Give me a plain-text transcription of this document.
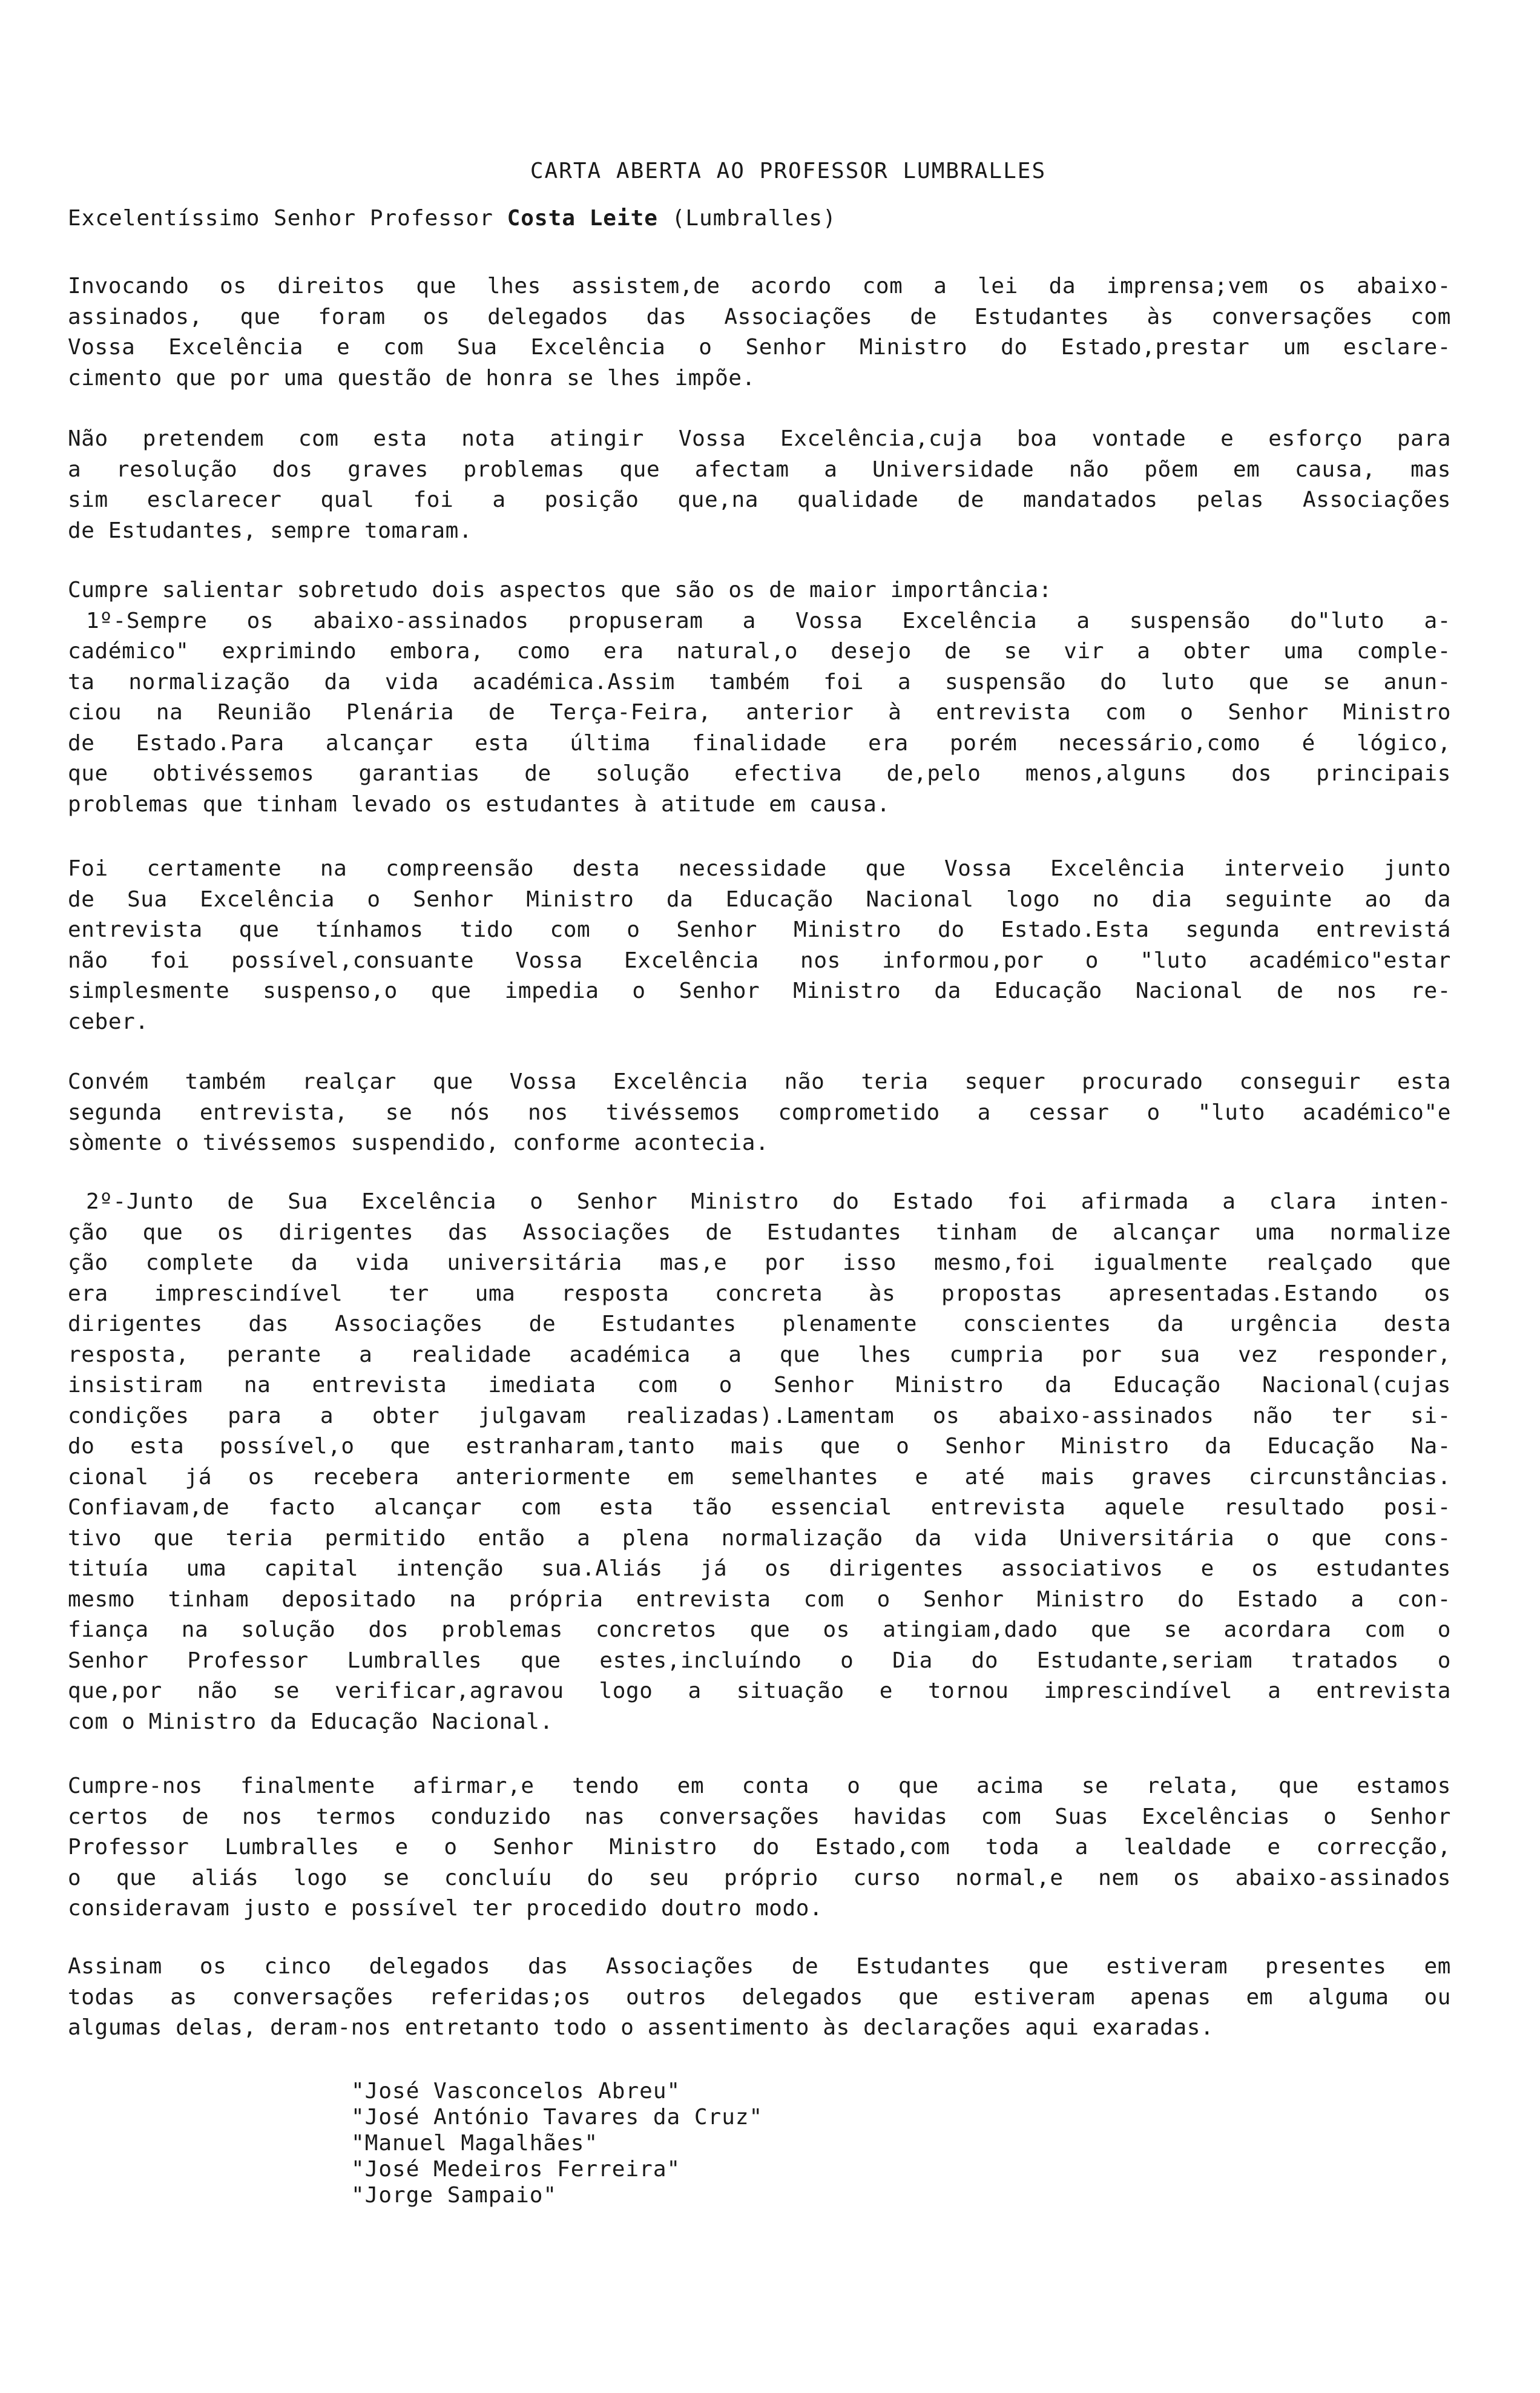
CARTA ABERTA AO PROFESSOR LUMBRALLES
Excelentíssimo Senhor Professor Costa Leite (Lumbralles)
Invocando os direitos que lhes assistem,de acordo com a lei da imprensa;vem os abaixo-
assinados, que foram os delegados das Associações de Estudantes às conversações com
Vossa Excelência e com Sua Excelência o Senhor Ministro do Estado,prestar um esclare-
cimento que por uma questão de honra se lhes impõe.
Não pretendem com esta nota atingir Vossa Excelência,cuja boa vontade e esforço para
a resolução dos graves problemas que afectam a Universidade não põem em causa, mas
sim esclarecer qual foi a posição que,na qualidade de mandatados pelas Associações
de Estudantes, sempre tomaram.
Cumpre salientar sobretudo dois aspectos que são os de maior importância:
1º-Sempre os abaixo-assinados propuseram a Vossa Excelência a suspensão do"luto a-
cadémico" exprimindo embora, como era natural,o desejo de se vir a obter uma comple-
ta normalização da vida académica.Assim também foi a suspensão do luto que se anun-
ciou na Reunião Plenária de Terça-Feira, anterior à entrevista com o Senhor Ministro
de Estado.Para alcançar esta última finalidade era porém necessário,como é lógico,
que obtivéssemos garantias de solução efectiva de,pelo menos,alguns dos principais
problemas que tinham levado os estudantes à atitude em causa.
Foi certamente na compreensão desta necessidade que Vossa Excelência interveio junto
de Sua Excelência o Senhor Ministro da Educação Nacional logo no dia seguinte ao da
entrevista que tínhamos tido com o Senhor Ministro do Estado.Esta segunda entrevistá
não foi possível,consuante Vossa Excelência nos informou,por o "luto académico"estar
simplesmente suspenso,o que impedia o Senhor Ministro da Educação Nacional de nos re-
ceber.
Convém também realçar que Vossa Excelência não teria sequer procurado conseguir esta
segunda entrevista, se nós nos tivéssemos comprometido a cessar o "luto académico"e
sòmente o tivéssemos suspendido, conforme acontecia.
2º-Junto de Sua Excelência o Senhor Ministro do Estado foi afirmada a clara inten-
ção que os dirigentes das Associações de Estudantes tinham de alcançar uma normalize
ção complete da vida universitária mas,e por isso mesmo,foi igualmente realçado que
era imprescindível ter uma resposta concreta às propostas apresentadas.Estando os
dirigentes das Associações de Estudantes plenamente conscientes da urgência desta
resposta, perante a realidade académica a que lhes cumpria por sua vez responder,
insistiram na entrevista imediata com o Senhor Ministro da Educação Nacional(cujas
condições para a obter julgavam realizadas).Lamentam os abaixo-assinados não ter si-
do esta possível,o que estranharam,tanto mais que o Senhor Ministro da Educação Na-
cional já os recebera anteriormente em semelhantes e até mais graves circunstâncias.
Confiavam,de facto alcançar com esta tão essencial entrevista aquele resultado posi-
tivo que teria permitido então a plena normalização da vida Universitária o que cons-
tituía uma capital intenção sua.Aliás já os dirigentes associativos e os estudantes
mesmo tinham depositado na própria entrevista com o Senhor Ministro do Estado a con-
fiança na solução dos problemas concretos que os atingiam,dado que se acordara com o
Senhor Professor Lumbralles que estes,incluíndo o Dia do Estudante,seriam tratados o
que,por não se verificar,agravou logo a situação e tornou imprescindível a entrevista
com o Ministro da Educação Nacional.
Cumpre-nos finalmente afirmar,e tendo em conta o que acima se relata, que estamos
certos de nos termos conduzido nas conversações havidas com Suas Excelências o Senhor
Professor Lumbralles e o Senhor Ministro do Estado,com toda a lealdade e correcção,
o que aliás logo se concluíu do seu próprio curso normal,e nem os abaixo-assinados
consideravam justo e possível ter procedido doutro modo.
Assinam os cinco delegados das Associações de Estudantes que estiveram presentes em
todas as conversações referidas;os outros delegados que estiveram apenas em alguma ou
algumas delas, deram-nos entretanto todo o assentimento às declarações aqui exaradas.
"José Vasconcelos Abreu"
"José António Tavares da Cruz"
"Manuel Magalhães"
"José Medeiros Ferreira"
"Jorge Sampaio"
